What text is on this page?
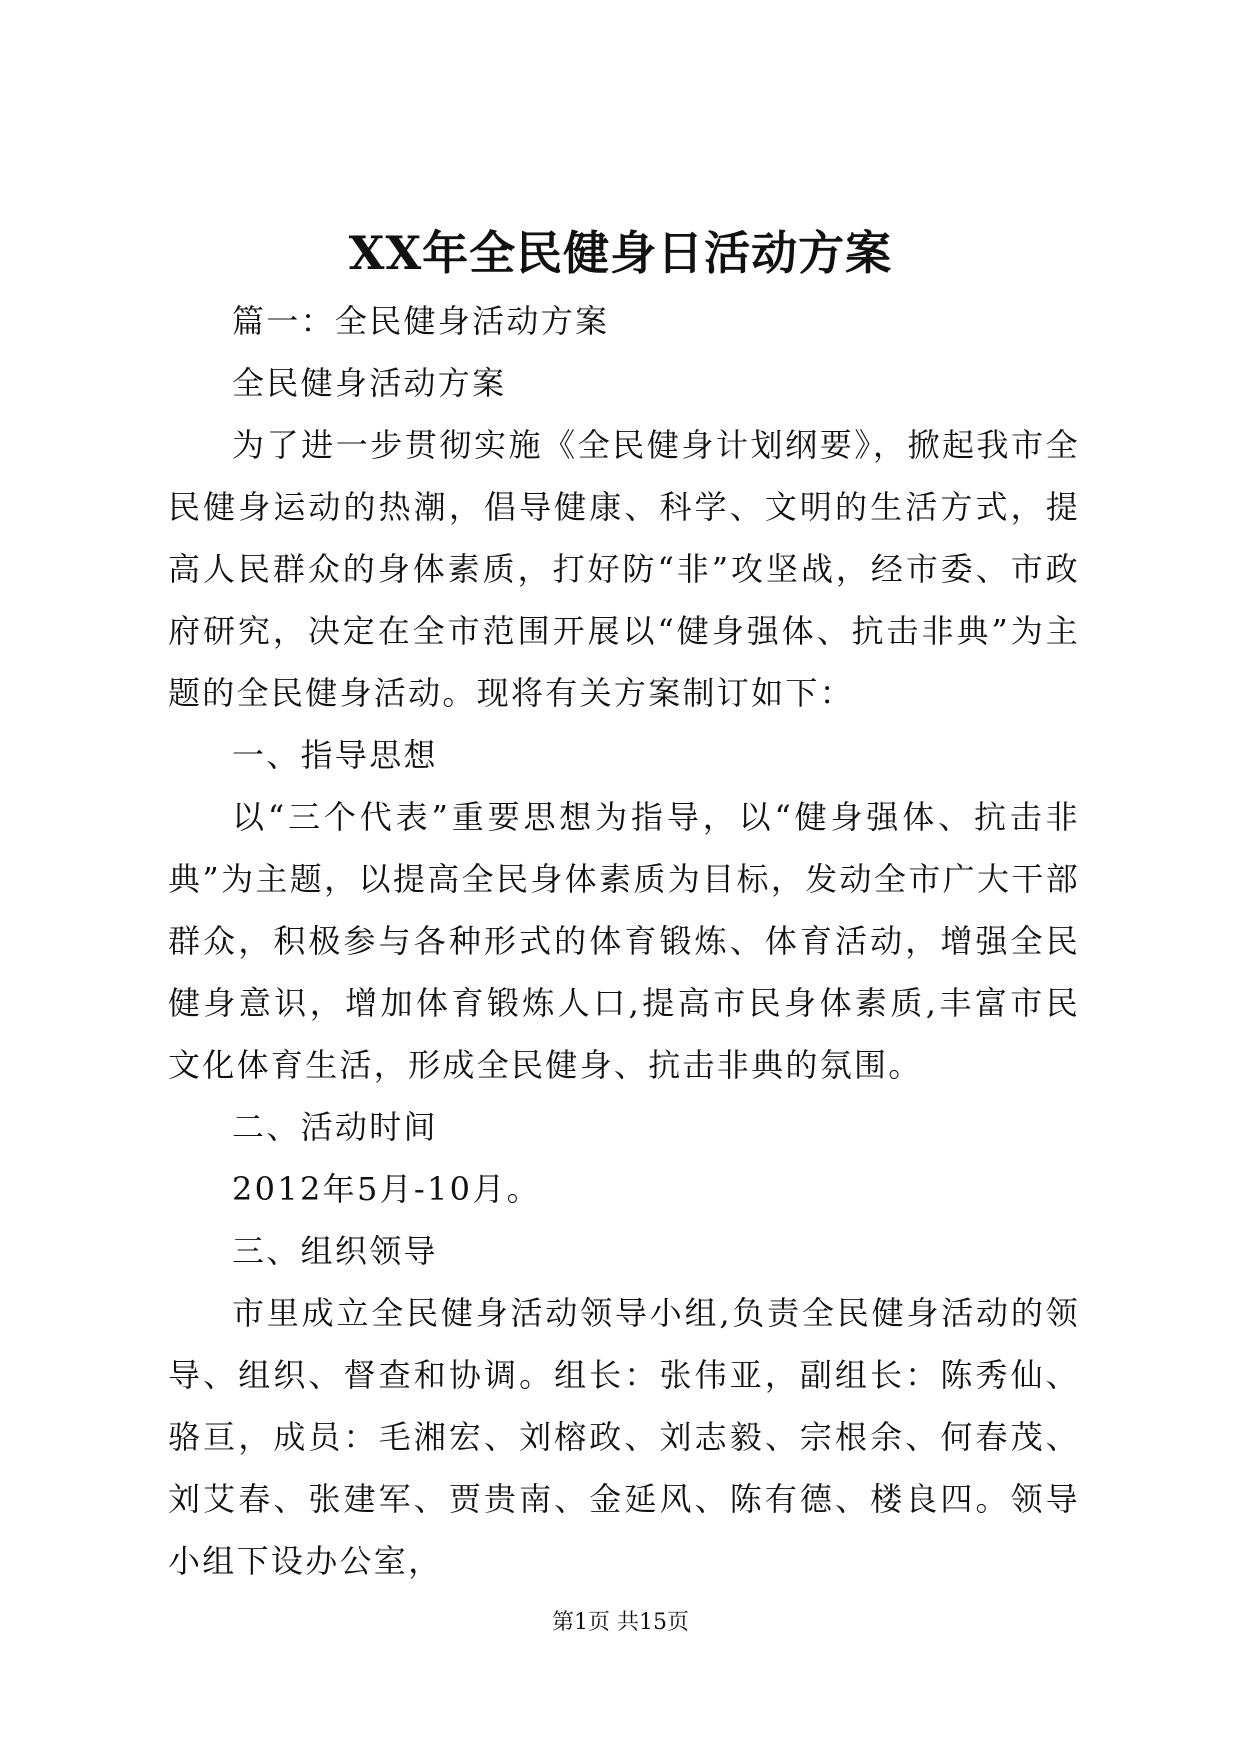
XX年全民健身日活动方案

篇一：全民健身活动方案

全民健身活动方案

为了进一步贯彻实施《全民健身计划纲要》，掀起我市全民健身运动的热潮，倡导健康、科学、文明的生活方式，提高人民群众的身体素质，打好防“非”攻坚战，经市委、市政府研究，决定在全市范围开展以“健身强体、抗击非典”为主题的全民健身活动。现将有关方案制订如下：

一、指导思想

以“三个代表”重要思想为指导，以“健身强体、抗击非典”为主题，以提高全民身体素质为目标，发动全市广大干部群众，积极参与各种形式的体育锻炼、体育活动，增强全民健身意识，增加体育锻炼人口,提高市民身体素质,丰富市民文化体育生活，形成全民健身、抗击非典的氛围。

二、活动时间

2012年5月-10月。

三、组织领导

市里成立全民健身活动领导小组,负责全民健身活动的领导、组织、督查和协调。组长：张伟亚，副组长：陈秀仙、骆亘，成员：毛湘宏、刘榕政、刘志毅、宗根余、何春茂、刘艾春、张建军、贾贵南、金延风、陈有德、楼良四。领导小组下设办公室，

第1页 共15页
